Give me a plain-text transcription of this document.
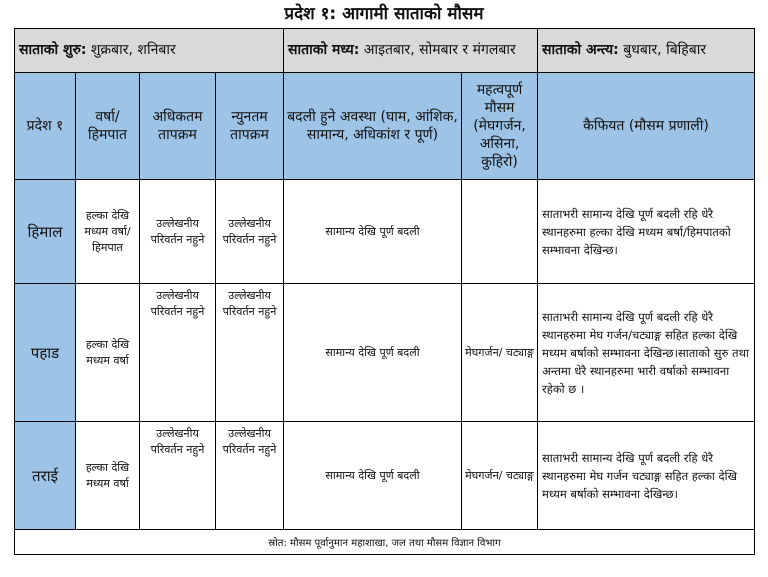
प्रदेश १: आगामी साताको मौसम
साताको शुरु: शुक्रबार, शनिबार				साताको मध्य: आइतबार, सोमबार र मंगलबार		साताको अन्त्य: बुधबार, बिहिबार
प्रदेश १	वर्षा/ हिमपात	अधिकतम तापक्रम	न्युनतम तापक्रम	बदली हुने अवस्था (घाम, आंशिक, सामान्य, अधिकांश र पूर्ण)	महत्वपूर्ण मौसम (मेघगर्जन, असिना, कुहिरो)	कैफियत (मौसम प्रणाली)
हिमाल	हल्का देखि मध्यम वर्षा/ हिमपात	उल्लेखनीय परिवर्तन नहुने	उल्लेखनीय परिवर्तन नहुने	सामान्य देखि पूर्ण बदली		साताभरी सामान्य देखि पूर्ण बदली रहि धेरै स्थानहरुमा हल्का देखि मध्यम बर्षा/हिमपातको सम्भावना देखिन्छ।
पहाड	हल्का देखि मध्यम वर्षा	उल्लेखनीय परिवर्तन नहुने	उल्लेखनीय परिवर्तन नहुने	सामान्य देखि पूर्ण बदली	मेघगर्जन/ चट्याङ्ग	साताभरी सामान्य देखि पूर्ण बदली रहि धेरै स्थानहरुमा मेघ गर्जन/चट्याङ्ग सहित हल्का देखि मध्यम बर्षाको सम्भावना देखिन्छ।साताको सुरु तथा अन्तमा धेरै स्थानहरुमा भारी वर्षाको सम्भावना रहेको छ ।
तराई	हल्का देखि मध्यम वर्षा	उल्लेखनीय परिवर्तन नहुने	उल्लेखनीय परिवर्तन नहुने	सामान्य देखि पूर्ण बदली	मेघगर्जन/ चट्याङ्ग	साताभरी सामान्य देखि पूर्ण बदली रहि धेरै स्थानहरुमा मेघ गर्जन चट्याङ्ग सहित हल्का देखि मध्यम बर्षाको सम्भावना देखिन्छ।
स्रोत: मौसम पूर्वानुमान महाशाखा, जल तथा मौसम विज्ञान विभाग						
